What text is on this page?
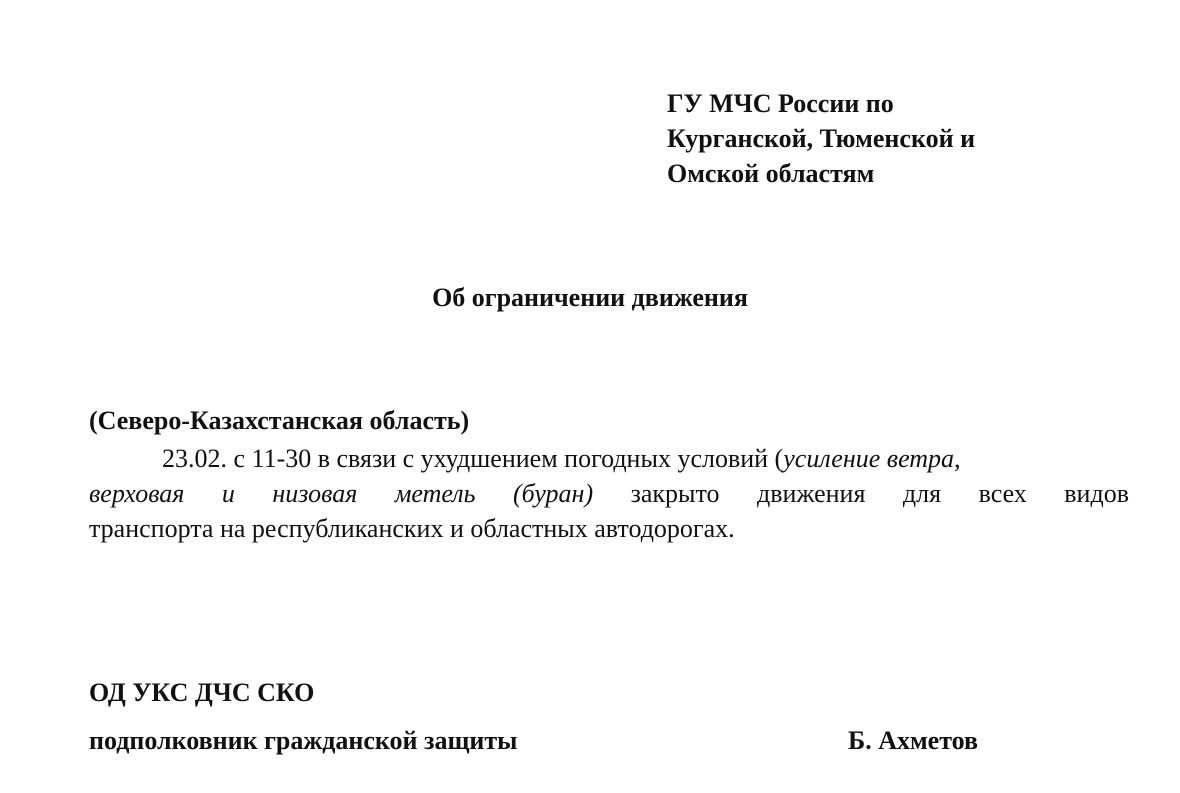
ГУ МЧС России по
Курганской, Тюменской и
Омской областям
Об ограничении движения
(Северо-Казахстанская область)
23.02. с 11-30 в связи с ухудшением погодных условий ( усиление ветра,
верховая и низовая метель (буран) закрыто движения для всех видов
транспорта на республиканских и областных автодорогах.
ОД УКС ДЧС СКО
подполковник гражданской защиты	Б. Ахметов
